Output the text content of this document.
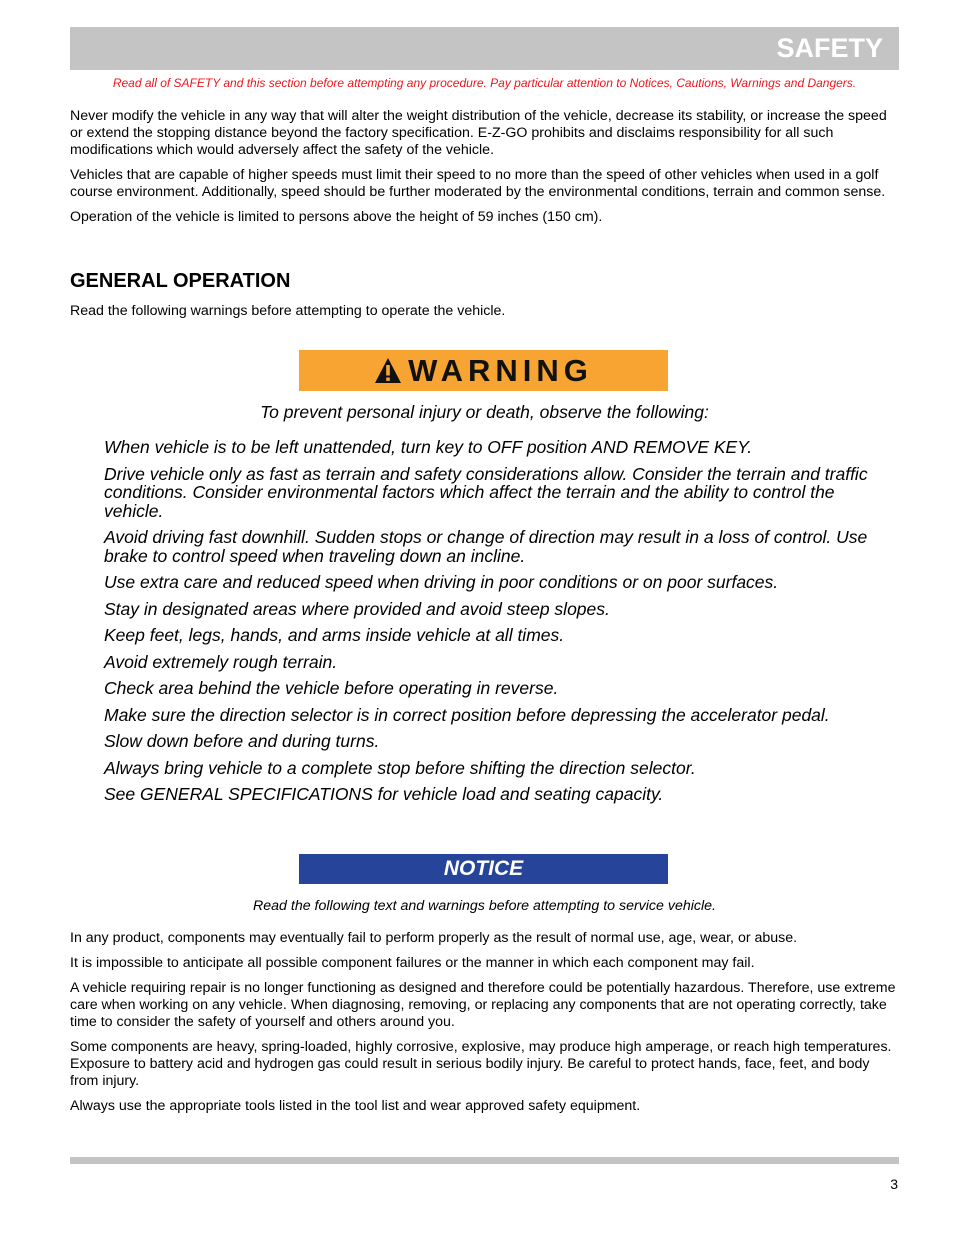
SAFETY
Read all of SAFETY and this section before attempting any procedure. Pay particular attention to Notices, Cautions, Warnings and Dangers.

Never modify the vehicle in any way that will alter the weight distribution of the vehicle, decrease its stability, or increase the speed or extend the stopping distance beyond the factory specification. E-Z-GO prohibits and disclaims responsibility for all such modifications which would adversely affect the safety of the vehicle.

Vehicles that are capable of higher speeds must limit their speed to no more than the speed of other vehicles when used in a golf course environment. Additionally, speed should be further moderated by the environmental conditions, terrain and common sense.

Operation of the vehicle is limited to persons above the height of 59 inches (150 cm).

GENERAL OPERATION
Read the following warnings before attempting to operate the vehicle.
WARNING
To prevent personal injury or death, observe the following:
When vehicle is to be left unattended, turn key to OFF position AND REMOVE KEY.
Drive vehicle only as fast as terrain and safety considerations allow. Consider the terrain and traffic conditions. Consider environmental factors which affect the terrain and the ability to control the vehicle.
Avoid driving fast downhill. Sudden stops or change of direction may result in a loss of control. Use brake to control speed when traveling down an incline.
Use extra care and reduced speed when driving in poor conditions or on poor surfaces.
Stay in designated areas where provided and avoid steep slopes.
Keep feet, legs, hands, and arms inside vehicle at all times.
Avoid extremely rough terrain.
Check area behind the vehicle before operating in reverse.
Make sure the direction selector is in correct position before depressing the accelerator pedal.
Slow down before and during turns.
Always bring vehicle to a complete stop before shifting the direction selector.
See GENERAL SPECIFICATIONS for vehicle load and seating capacity.
NOTICE
Read the following text and warnings before attempting to service vehicle.

In any product, components may eventually fail to perform properly as the result of normal use, age, wear, or abuse.

It is impossible to anticipate all possible component failures or the manner in which each component may fail.

A vehicle requiring repair is no longer functioning as designed and therefore could be potentially hazardous. Therefore, use extreme care when working on any vehicle. When diagnosing, removing, or replacing any components that are not operating correctly, take time to consider the safety of yourself and others around you.

Some components are heavy, spring-loaded, highly corrosive, explosive, may produce high amperage, or reach high temperatures. Exposure to battery acid and hydrogen gas could result in serious bodily injury. Be careful to protect hands, face, feet, and body from injury.

Always use the appropriate tools listed in the tool list and wear approved safety equipment.

3
